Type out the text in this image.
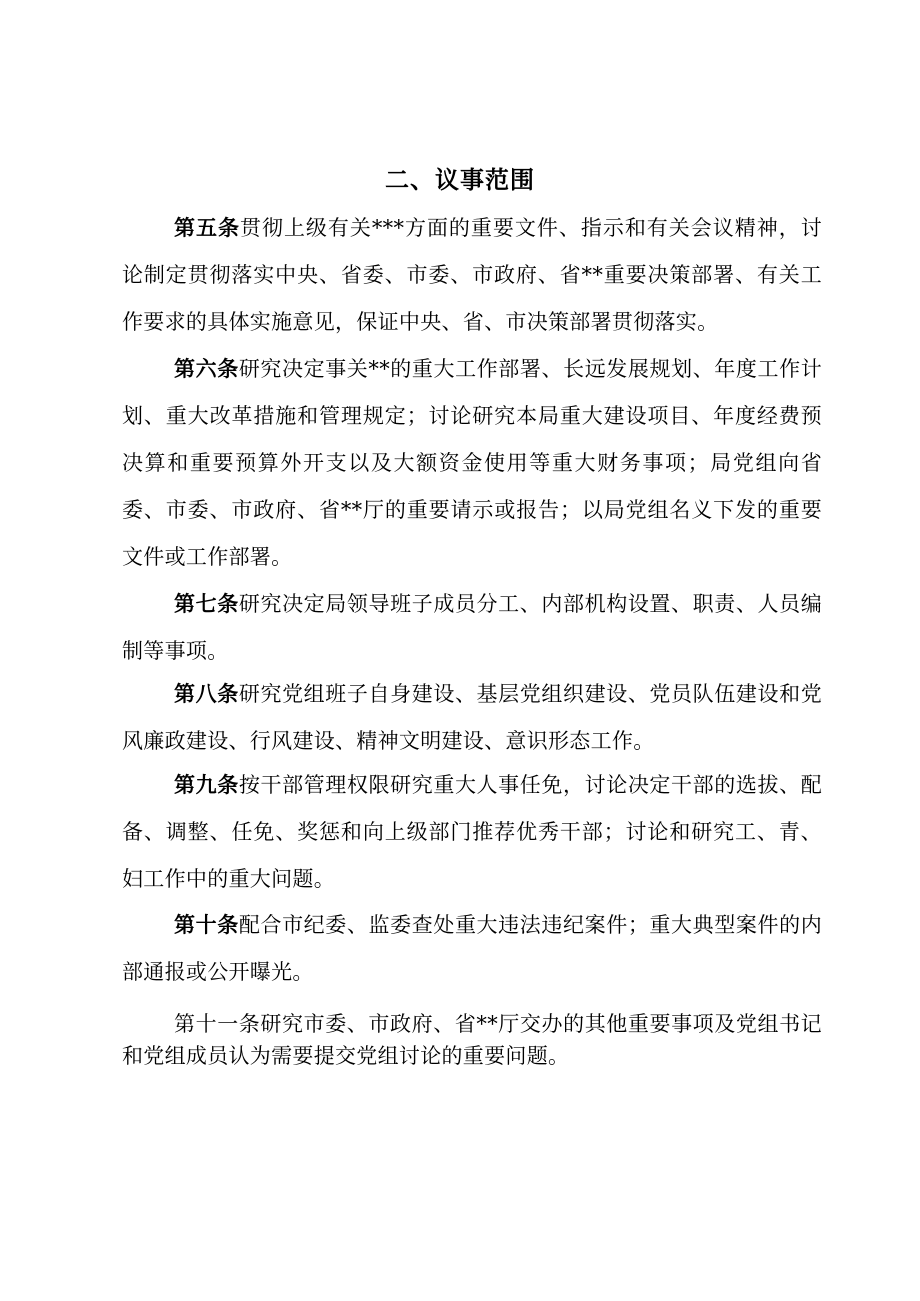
二、议事范围

第五条贯彻上级有关***方面的重要文件、指示和有关会议精神，讨论制定贯彻落实中央、省委、市委、市政府、省**重要决策部署、有关工作要求的具体实施意见，保证中央、省、市决策部署贯彻落实。

第六条研究决定事关**的重大工作部署、长远发展规划、年度工作计划、重大改革措施和管理规定；讨论研究本局重大建设项目、年度经费预决算和重要预算外开支以及大额资金使用等重大财务事项；局党组向省委、市委、市政府、省**厅的重要请示或报告；以局党组名义下发的重要文件或工作部署。

第七条研究决定局领导班子成员分工、内部机构设置、职责、人员编制等事项。

第八条研究党组班子自身建设、基层党组织建设、党员队伍建设和党风廉政建设、行风建设、精神文明建设、意识形态工作。

第九条按干部管理权限研究重大人事任免，讨论决定干部的选拔、配备、调整、任免、奖惩和向上级部门推荐优秀干部；讨论和研究工、青、妇工作中的重大问题。

第十条配合市纪委、监委查处重大违法违纪案件；重大典型案件的内部通报或公开曝光。

第十一条研究市委、市政府、省**厅交办的其他重要事项及党组书记和党组成员认为需要提交党组讨论的重要问题。
